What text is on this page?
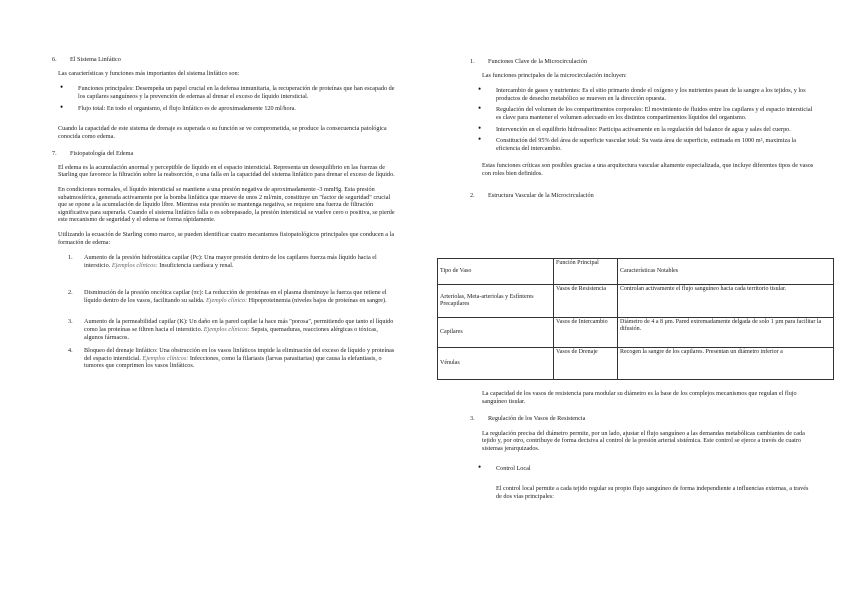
6.	El Sistema Linfático

Las características y funciones más importantes del sistema linfático son:

• Funciones principales: Desempeña un papel crucial en la defensa inmunitaria, la recuperación de proteínas que han escapado de los capilares sanguíneos y la prevención de edemas al drenar el exceso de líquido intersticial.
• Flujo total: En todo el organismo, el flujo linfático es de aproximadamente 120 ml/hora.

Cuando la capacidad de este sistema de drenaje es superada o su función se ve comprometida, se produce la consecuencia patológica conocida como edema.

7.	Fisiopatología del Edema

El edema es la acumulación anormal y perceptible de líquido en el espacio intersticial. Representa un desequilibrio en las fuerzas de Starling que favorece la filtración sobre la reabsorción, o una falla en la capacidad del sistema linfático para drenar el exceso de líquido.

En condiciones normales, el líquido intersticial se mantiene a una presión negativa de aproximadamente -3 mmHg. Esta presión subatmosférica, generada activamente por la bomba linfática que mueve de unos 2 ml/min, constituye un "factor de seguridad" crucial que se opone a la acumulación de líquido libre. Mientras esta presión se mantenga negativa, se requiere una fuerza de filtración significativa para superarla. Cuando el sistema linfático falla o es sobrepasado, la presión intersticial se vuelve cero o positiva, se pierde este mecanismo de seguridad y el edema se forma rápidamente.

Utilizando la ecuación de Starling como marco, se pueden identificar cuatro mecanismos fisiopatológicos principales que conducen a la formación de edema:

1.	Aumento de la presión hidrostática capilar (Pc): Una mayor presión dentro de los capilares fuerza más líquido hacia el intersticio. Ejemplos clínicos: Insuficiencia cardíaca y renal.
2.	Disminución de la presión oncótica capilar (πc): La reducción de proteínas en el plasma disminuye la fuerza que retiene el líquido dentro de los vasos, facilitando su salida. Ejemplo clínico: Hipoproteinemia (niveles bajos de proteínas en sangre).
3.	Aumento de la permeabilidad capilar (K): Un daño en la pared capilar la hace más "porosa", permitiendo que tanto el líquido como las proteínas se filtren hacia el intersticio. Ejemplos clínicos: Sepsis, quemaduras, reacciones alérgicas o tóxicas, algunos fármacos.
4.	Bloqueo del drenaje linfático: Una obstrucción en los vasos linfáticos impide la eliminación del exceso de líquido y proteínas del espacio intersticial. Ejemplos clínicos: Infecciones, como la filariasis (larvas parasitarias) que causa la elefantiasis, o tumores que comprimen los vasos linfáticos.
1.	Funciones Clave de la Microcirculación

Las funciones principales de la microcirculación incluyen:

• Intercambio de gases y nutrientes: Es el sitio primario donde el oxígeno y los nutrientes pasan de la sangre a los tejidos, y los productos de desecho metabólico se mueven en la dirección opuesta.
• Regulación del volumen de los compartimentos corporales: El movimiento de fluidos entre los capilares y el espacio intersticial es clave para mantener el volumen adecuado en los distintos compartimentos líquidos del organismo.
• Intervención en el equilibrio hidrosalino: Participa activamente en la regulación del balance de agua y sales del cuerpo.
• Constitución del 95% del área de superficie vascular total: Su vasta área de superficie, estimada en 1000 m², maximiza la eficiencia del intercambio.

Estas funciones críticas son posibles gracias a una arquitectura vascular altamente especializada, que incluye diferentes tipos de vasos con roles bien definidos.

2.	Estructura Vascular de la Microcirculación
Tipo de Vaso	Función Principal	Características Notables
Arteriolas, Meta-arteriolas y Esfínteres Precapilares	Vasos de Resistencia	Controlan activamente el flujo sanguíneo hacia cada territorio tisular.
Capilares	Vasos de Intercambio	Diámetro de 4 a 8 µm. Pared extremadamente delgada de solo 1 µm para facilitar la difusión.
Vénulas	Vasos de Drenaje	Recogen la sangre de los capilares. Presentan un diámetro inferior a

La capacidad de los vasos de resistencia para modular su diámetro es la base de los complejos mecanismos que regulan el flujo sanguíneo tisular.

3.	Regulación de los Vasos de Resistencia

La regulación precisa del diámetro permite, por un lado, ajustar el flujo sanguíneo a las demandas metabólicas cambiantes de cada tejido y, por otro, contribuye de forma decisiva al control de la presión arterial sistémica. Este control se ejerce a través de cuatro sistemas jerarquizados.

• Control Local

El control local permite a cada tejido regular su propio flujo sanguíneo de forma independiente a influencias externas, a través de dos vías principales:
